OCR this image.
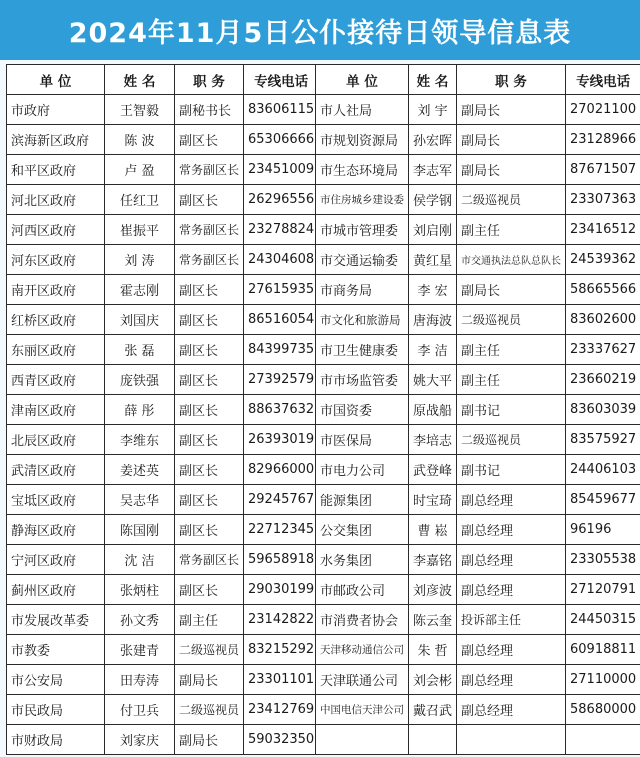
2024年11月5日公仆接待日领导信息表
单 位	姓 名	职 务	专线电话
市政府	王智毅	副秘书长	83606115
滨海新区政府	陈 波	副区长	65306666
和平区政府	卢 盈	常务副区长	23451009
河北区政府	任红卫	副区长	26296556
河西区政府	崔振平	常务副区长	23278824
河东区政府	刘 涛	常务副区长	24304608
南开区政府	霍志刚	副区长	27615935
红桥区政府	刘国庆	副区长	86516054
东丽区政府	张 磊	副区长	84399735
西青区政府	庞铁强	副区长	27392579
津南区政府	薛 彤	副区长	88637632
北辰区政府	李维东	副区长	26393019
武清区政府	姜述英	副区长	82966000
宝坻区政府	吴志华	副区长	29245767
静海区政府	陈国刚	副区长	22712345
宁河区政府	沈 洁	常务副区长	59658918
蓟州区政府	张炳柱	副区长	29030199
市发展改革委	孙文秀	副主任	23142822
市教委	张建青	二级巡视员	83215292
市公安局	田寿涛	副局长	23301101
市民政局	付卫兵	二级巡视员	23412769
市财政局	刘家庆	副局长	59032350
单 位	姓 名	职 务	专线电话
市人社局	刘 宇	副局长	27021100
市规划资源局	孙宏晖	副局长	23128966
市生态环境局	李志军	副局长	87671507
市住房城乡建设委	侯学钢	二级巡视员	23307363
市城市管理委	刘启刚	副主任	23416512
市交通运输委	黄红星	市交通执法总队总队长	24539362
市商务局	李 宏	副局长	58665566
市文化和旅游局	唐海波	二级巡视员	83602600
市卫生健康委	李 洁	副主任	23337627
市市场监管委	姚大平	副主任	23660219
市国资委	原战船	副书记	83603039
市医保局	李培志	二级巡视员	83575927
市电力公司	武登峰	副书记	24406103
能源集团	时宝琦	副总经理	85459677
公交集团	曹 崧	副总经理	96196
水务集团	李嘉铭	副总经理	23305538
市邮政公司	刘彦波	副总经理	27120791
市消费者协会	陈云奎	投诉部主任	24450315
天津移动通信公司	朱 哲	副总经理	60918811
天津联通公司	刘会彬	副总经理	27110000
中国电信天津公司	戴召武	副总经理	58680000
